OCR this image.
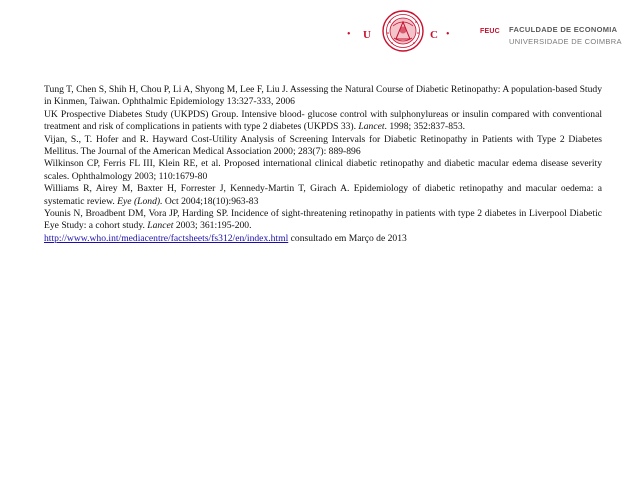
• U	C •	FEUC FACULDADE DE ECONOMIA
UNIVERSIDADE DE COIMBRA

Tung T, Chen S, Shih H, Chou P, Li A, Shyong M, Lee F, Liu J. Assessing the Natural Course of Diabetic Retinopathy: A population-based Study in Kinmen, Taiwan. Ophthalmic Epidemiology 13:327-333, 2006

UK Prospective Diabetes Study (UKPDS) Group. Intensive blood- glucose control with sulphonylureas or insulin compared with conventional treatment and risk of complications in patients with type 2 diabetes (UKPDS 33). Lancet. 1998; 352:837-853.

Vijan, S., T. Hofer and R. Hayward Cost-Utility Analysis of Screening Intervals for Diabetic Retinopathy in Patients with Type 2 Diabetes Mellitus. The Journal of the American Medical Association 2000; 283(7): 889-896

Wilkinson CP, Ferris FL III, Klein RE, et al. Proposed international clinical diabetic retinopathy and diabetic macular edema disease severity scales. Ophthalmology 2003; 110:1679-80

Williams R, Airey M, Baxter H, Forrester J, Kennedy-Martin T, Girach A. Epidemiology of diabetic retinopathy and macular oedema: a systematic review. Eye (Lond). Oct 2004;18(10):963-83

Younis N, Broadbent DM, Vora JP, Harding SP. Incidence of sight-threatening retinopathy in patients with type 2 diabetes in Liverpool Diabetic Eye Study: a cohort study. Lancet 2003; 361:195-200.

http://www.who.int/mediacentre/factsheets/fs312/en/index.html consultado em Março de 2013
